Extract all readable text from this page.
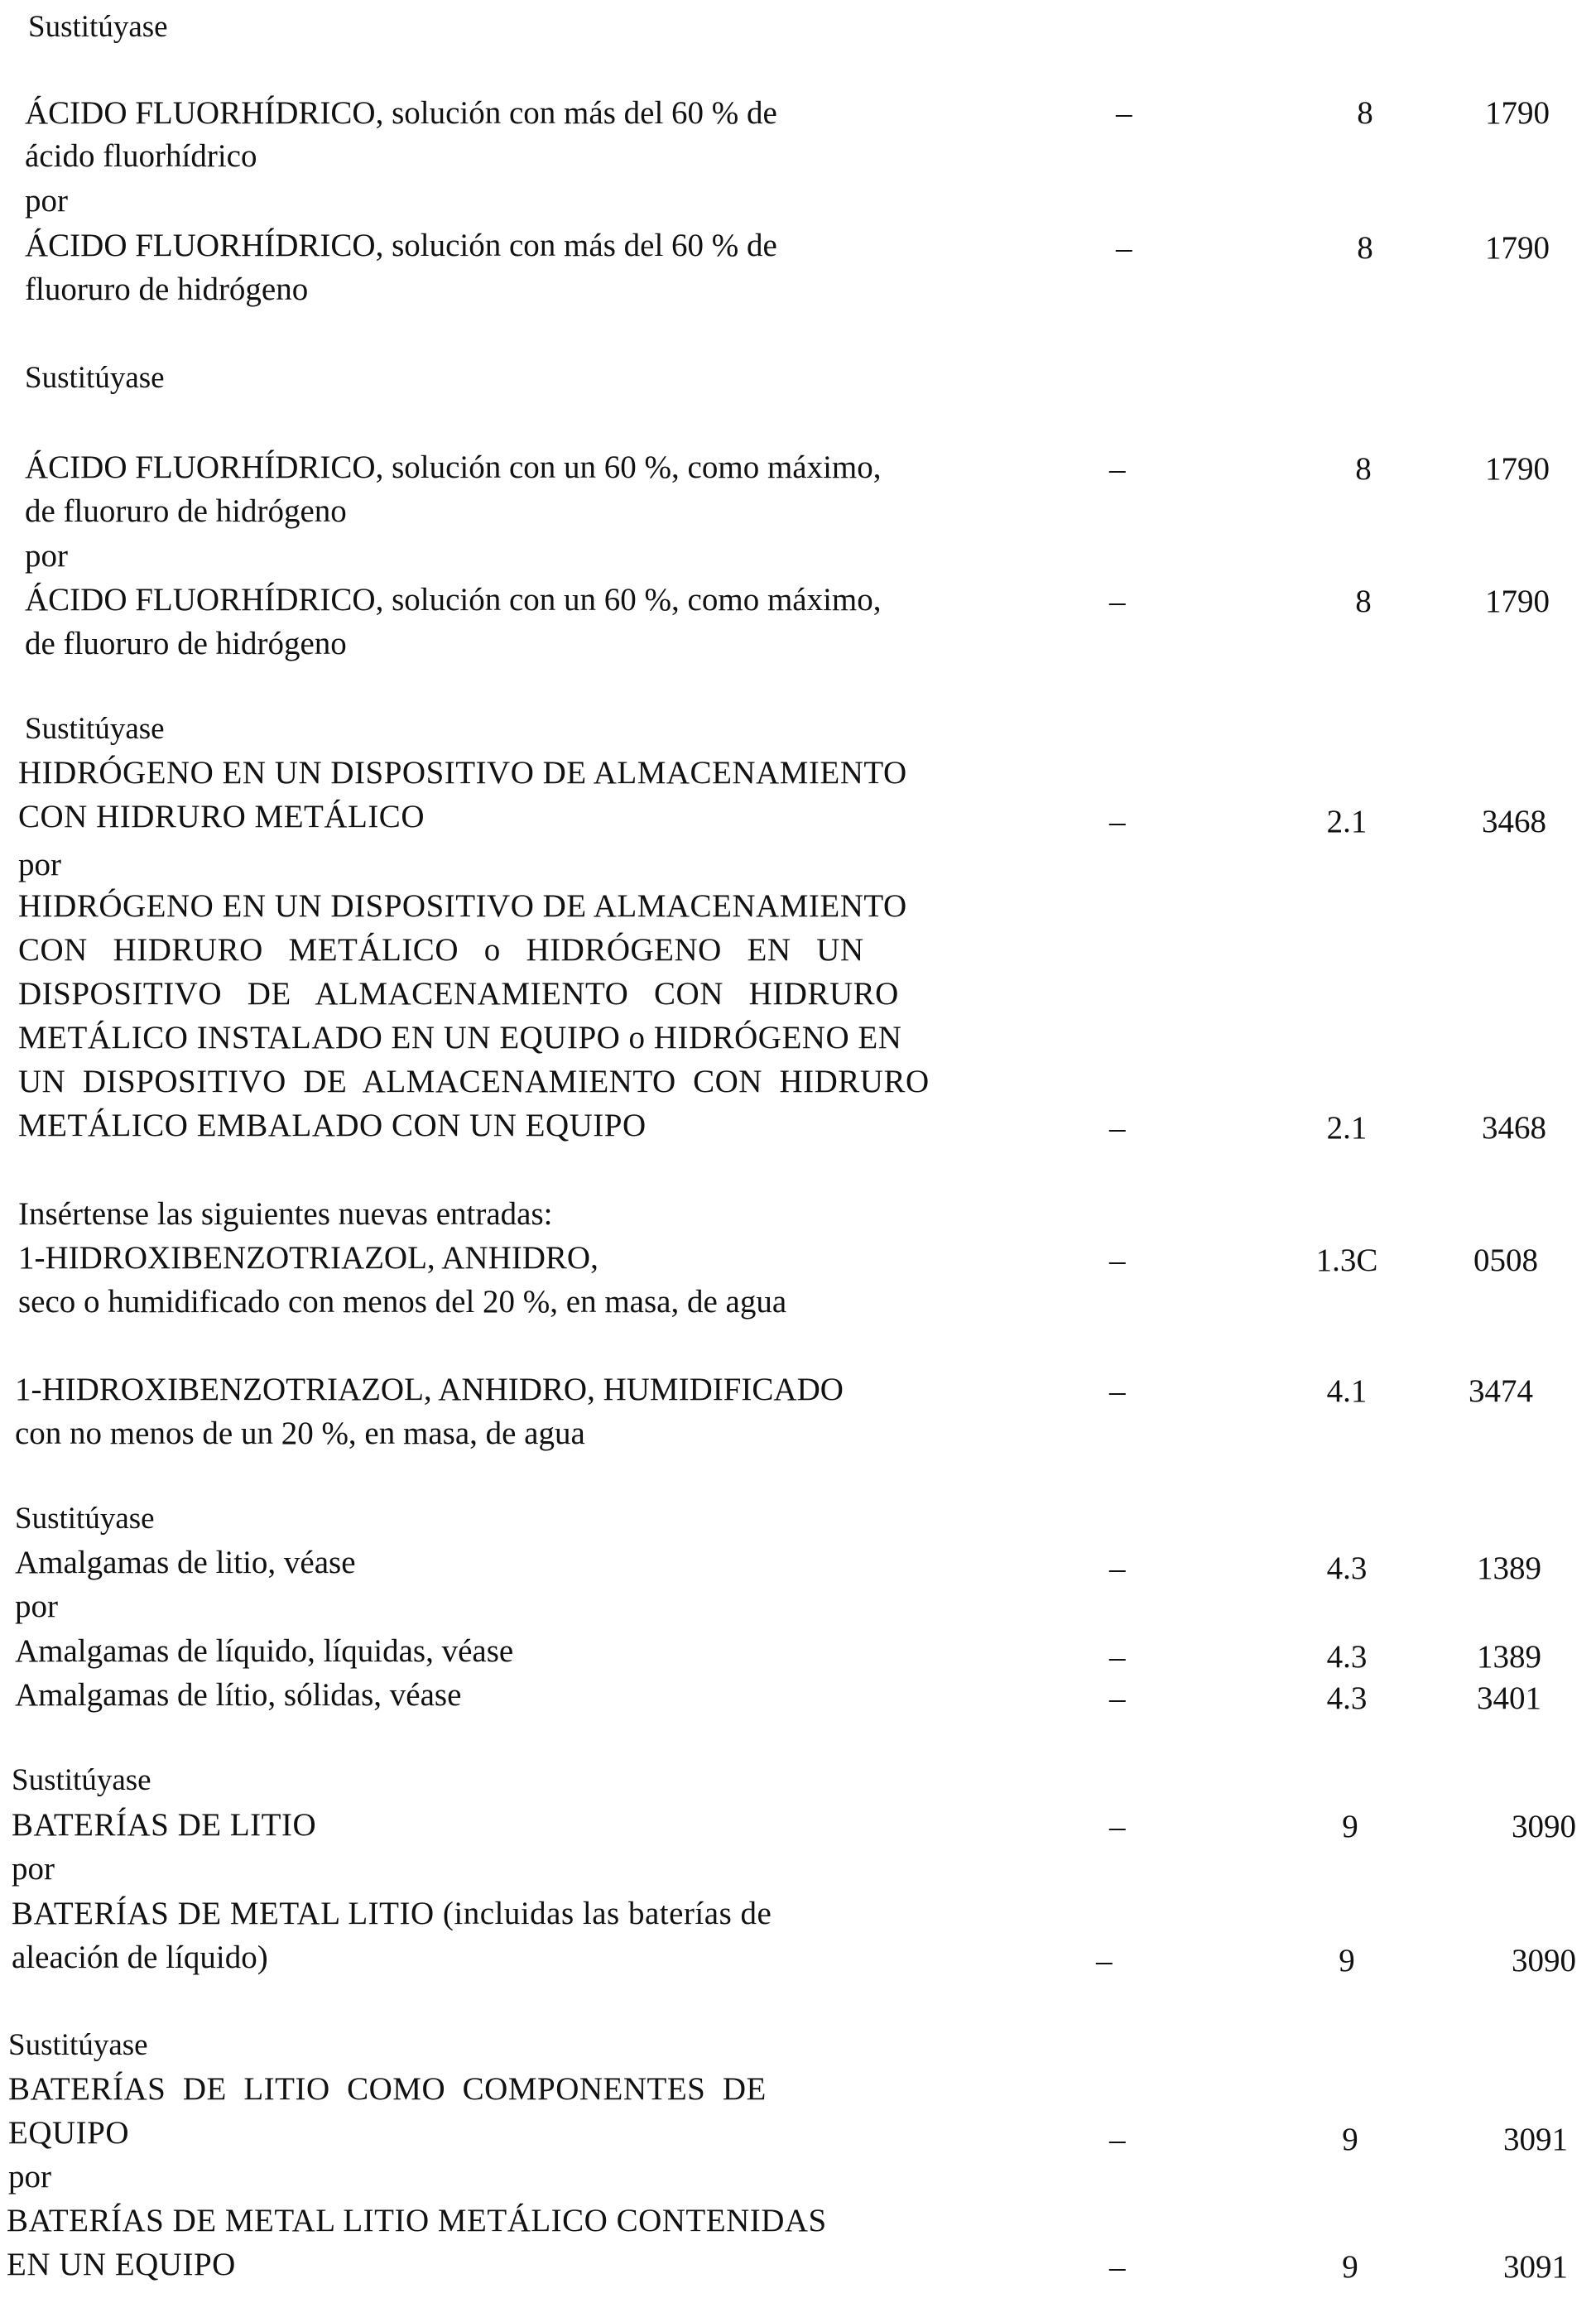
Sustitúyase
ÁCIDO FLUORHÍDRICO, solución con más del 60 % de
ácido fluorhídrico
–	8	1790
por
ÁCIDO FLUORHÍDRICO, solución con más del 60 % de
fluoruro de hidrógeno
–	8	1790
Sustitúyase
ÁCIDO FLUORHÍDRICO, solución con un 60 %, como máximo,
de fluoruro de hidrógeno
–	8	1790
por
ÁCIDO FLUORHÍDRICO, solución con un 60 %, como máximo,
de fluoruro de hidrógeno
–	8	1790
Sustitúyase
HIDRÓGENO EN UN DISPOSITIVO DE ALMACENAMIENTO
CON HIDRURO METÁLICO	–	2.1	3468
por
HIDRÓGENO EN UN DISPOSITIVO DE ALMACENAMIENTO
CON   HIDRURO   METÁLICO   o   HIDRÓGENO   EN   UN
DISPOSITIVO   DE   ALMACENAMIENTO   CON   HIDRURO
METÁLICO INSTALADO EN UN EQUIPO o HIDRÓGENO EN
UN  DISPOSITIVO  DE  ALMACENAMIENTO  CON  HIDRURO
METÁLICO EMBALADO CON UN EQUIPO	–	2.1	3468
Insértense las siguientes nuevas entradas:
1-HIDROXIBENZOTRIAZOL, ANHIDRO,
seco o humidificado con menos del 20 %, en masa, de agua
–	1.3C	0508
1-HIDROXIBENZOTRIAZOL, ANHIDRO, HUMIDIFICADO
con no menos de un 20 %, en masa, de agua
–	4.1	3474
Sustitúyase
Amalgamas de litio, véase	–	4.3	1389
por
Amalgamas de líquido, líquidas, véase	–	4.3	1389
Amalgamas de lítio, sólidas, véase	–	4.3	3401
Sustitúyase
BATERÍAS DE LITIO	–	9	3090
por
BATERÍAS DE METAL LITIO (incluidas las baterías de
aleación de líquido)	–	9	3090
Sustitúyase
BATERÍAS  DE  LITIO  COMO  COMPONENTES  DE
EQUIPO	–	9	3091
por
BATERÍAS DE METAL LITIO METÁLICO CONTENIDAS
EN UN EQUIPO	–	9	3091
